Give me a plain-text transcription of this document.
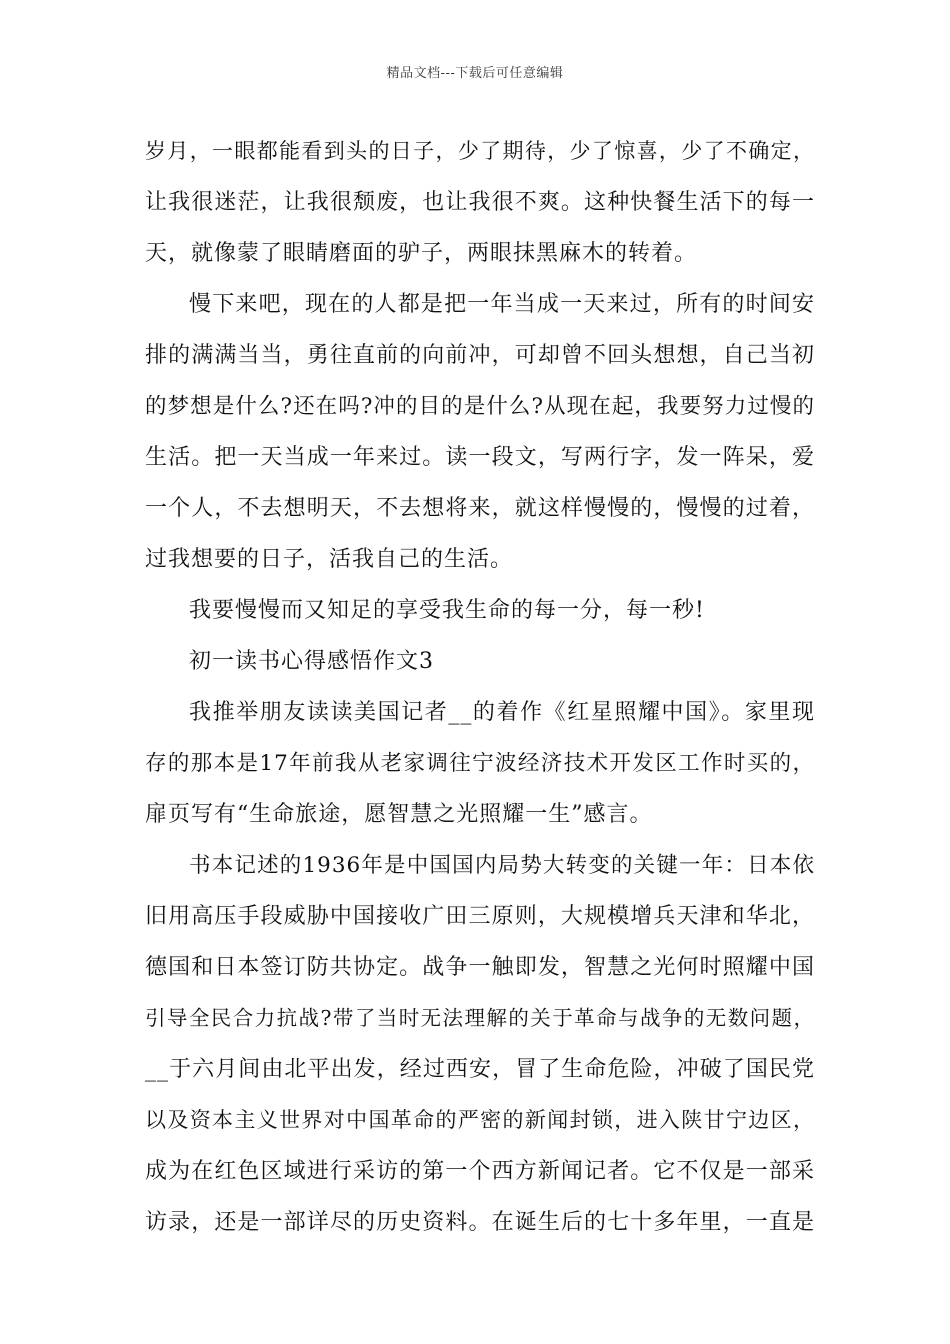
精品文档---下载后可任意编辑
岁月，一眼都能看到头的日子，少了期待，少了惊喜，少了不确定，
让我很迷茫，让我很颓废，也让我很不爽。这种快餐生活下的每一
天，就像蒙了眼睛磨面的驴子，两眼抹黑麻木的转着。
慢下来吧，现在的人都是把一年当成一天来过，所有的时间安
排的满满当当，勇往直前的向前冲，可却曾不回头想想，自己当初
的梦想是什么?还在吗?冲的目的是什么?从现在起，我要努力过慢的
生活。把一天当成一年来过。读一段文，写两行字，发一阵呆，爱
一个人，不去想明天，不去想将来，就这样慢慢的，慢慢的过着，
过我想要的日子，活我自己的生活。
我要慢慢而又知足的享受我生命的每一分，每一秒!
初一读书心得感悟作文3
我推举朋友读读美国记者__的着作《红星照耀中国》。家里现
存的那本是17年前我从老家调往宁波经济技术开发区工作时买的，
扉页写有“生命旅途，愿智慧之光照耀一生”感言。
书本记述的1936年是中国国内局势大转变的关键一年：日本依
旧用高压手段威胁中国接收广田三原则，大规模增兵天津和华北，
德国和日本签订防共协定。战争一触即发，智慧之光何时照耀中国
引导全民合力抗战?带了当时无法理解的关于革命与战争的无数问题，
__于六月间由北平出发，经过西安，冒了生命危险，冲破了国民党
以及资本主义世界对中国革命的严密的新闻封锁，进入陕甘宁边区，
成为在红色区域进行采访的第一个西方新闻记者。它不仅是一部采
访录，还是一部详尽的历史资料。在诞生后的七十多年里，一直是
